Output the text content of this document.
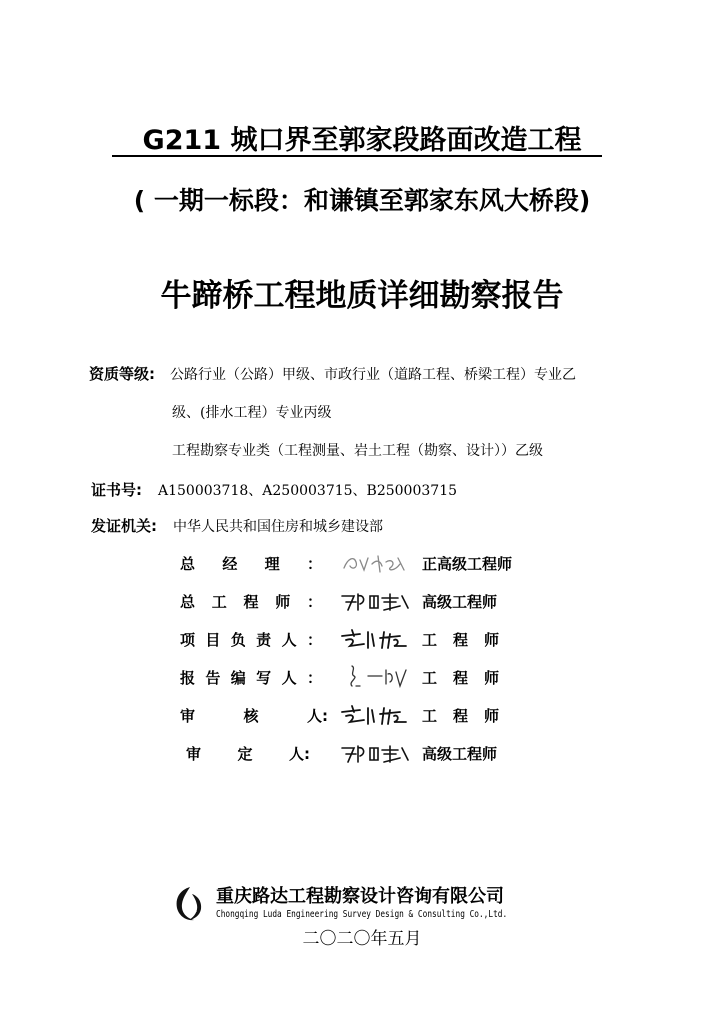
G211 城口界至郭家段路面改造工程
( 一期一标段：和谦镇至郭家东风大桥段)
牛蹄桥工程地质详细勘察报告
资质等级: 公路行业（公路）甲级、市政行业（道路工程、桥梁工程）专业乙
级、(排水工程）专业丙级
工程勘察专业类（工程测量、岩土工程（勘察、设计））乙级
证书号: A150003718、A250003715、B250003715
发证机关: 中华人民共和国住房和城乡建设部
总 经 理 ：	正高级工程师
总 工 程 师 ：	高级工程师
项 目 负 责 人 ：	工程师
报 告 编 写 人 ：	工程师
审	核	人:	工程师
审 定 人:	高级工程师
重庆路达工程勘察设计咨询有限公司
Chongqing Luda Engineering Survey Design & Consulting Co.,Ltd.
二〇二〇年五月
